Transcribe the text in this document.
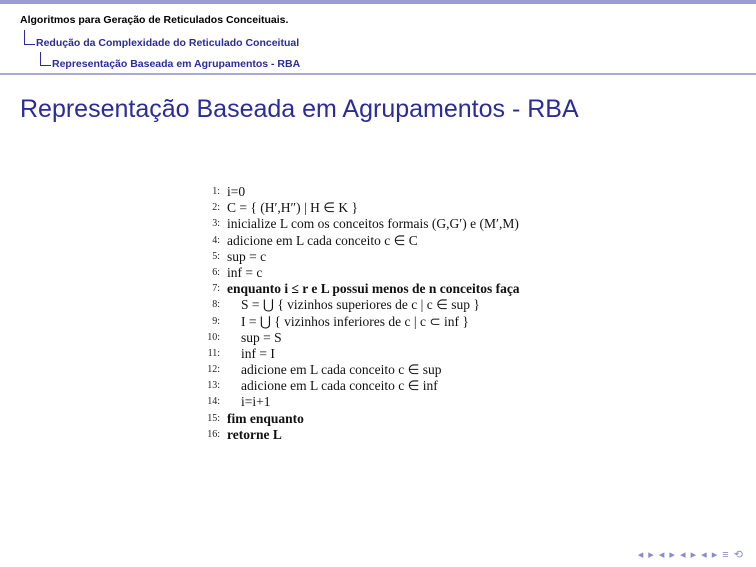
Algoritmos para Geração de Reticulados Conceituais.
Redução da Complexidade do Reticulado Conceitual
Representação Baseada em Agrupamentos - RBA
Representação Baseada em Agrupamentos - RBA
1: i=0
2: C = { (H′,H″) | H ∈ K }
3: inicialize L com os conceitos formais (G,G′) e (M′,M)
4: adicione em L cada conceito c ∈ C
5: sup = c
6: inf = c
7: enquanto i ≤ r e L possui menos de n conceitos faça
8: S = ⋃ { vizinhos superiores de c | c ∈ sup }
9: I = ⋃ { vizinhos inferiores de c | c ⊂ inf }
10: sup = S
11: inf = I
12: adicione em L cada conceito c ∈ sup
13: adicione em L cada conceito c ∈ inf
14: i=i+1
15: fim enquanto
16: retorne L
◂ ▸ ◂ ▸ ◂ ▸ ◂ ▸ ≡ ⟲
